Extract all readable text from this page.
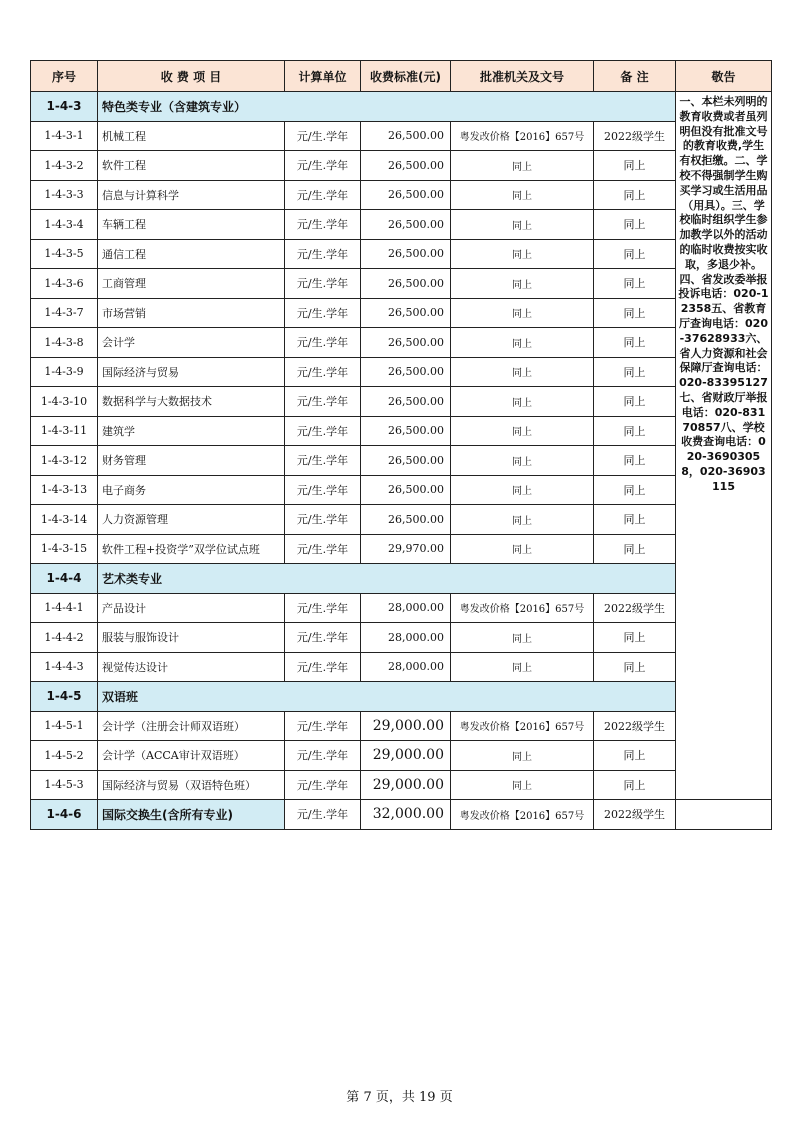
序号	收 费 项 目	计算单位	收费标准(元)	批准机关及文号	备 注	敬告
1-4-3	特色类专业（含建筑专业）					一、本栏未列明的教育收费或者虽列明但没有批准文号的教育收费,学生有权拒缴。二、学校不得强制学生购买学习或生活用品（用具）。三、学校临时组织学生参加教学以外的活动的临时收费按实收取，多退少补。四、省发改委举报投诉电话：020-12358五、省教育厅查询电话：020-37628933六、省人力资源和社会保障厅查询电话：020-83395127七、省财政厅举报电话：020-83170857八、学校收费查询电话：020-36903058，020-36903115
1-4-3-1	机械工程	元/生.学年	26,500.00	粤发改价格【2016】657号	2022级学生	
1-4-3-2	软件工程	元/生.学年	26,500.00	同上	同上	
1-4-3-3	信息与计算科学	元/生.学年	26,500.00	同上	同上	
1-4-3-4	车辆工程	元/生.学年	26,500.00	同上	同上	
1-4-3-5	通信工程	元/生.学年	26,500.00	同上	同上	
1-4-3-6	工商管理	元/生.学年	26,500.00	同上	同上	
1-4-3-7	市场营销	元/生.学年	26,500.00	同上	同上	
1-4-3-8	会计学	元/生.学年	26,500.00	同上	同上	
1-4-3-9	国际经济与贸易	元/生.学年	26,500.00	同上	同上	
1-4-3-10	数据科学与大数据技术	元/生.学年	26,500.00	同上	同上	
1-4-3-11	建筑学	元/生.学年	26,500.00	同上	同上	
1-4-3-12	财务管理	元/生.学年	26,500.00	同上	同上	
1-4-3-13	电子商务	元/生.学年	26,500.00	同上	同上	
1-4-3-14	人力资源管理	元/生.学年	26,500.00	同上	同上	
1-4-3-15	软件工程+投资学”双学位试点班	元/生.学年	29,970.00	同上	同上	
1-4-4	艺术类专业					
1-4-4-1	产品设计	元/生.学年	28,000.00	粤发改价格【2016】657号	2022级学生	
1-4-4-2	服装与服饰设计	元/生.学年	28,000.00	同上	同上	
1-4-4-3	视觉传达设计	元/生.学年	28,000.00	同上	同上	
1-4-5	双语班					
1-4-5-1	会计学（注册会计师双语班）	元/生.学年	29,000.00	粤发改价格【2016】657号	2022级学生	
1-4-5-2	会计学（ACCA审计双语班）	元/生.学年	29,000.00	同上	同上	
1-4-5-3	国际经济与贸易（双语特色班）	元/生.学年	29,000.00	同上	同上	
1-4-6	国际交换生(含所有专业)	元/生.学年	32,000.00	粤发改价格【2016】657号	2022级学生	
第 7 页，共 19 页
